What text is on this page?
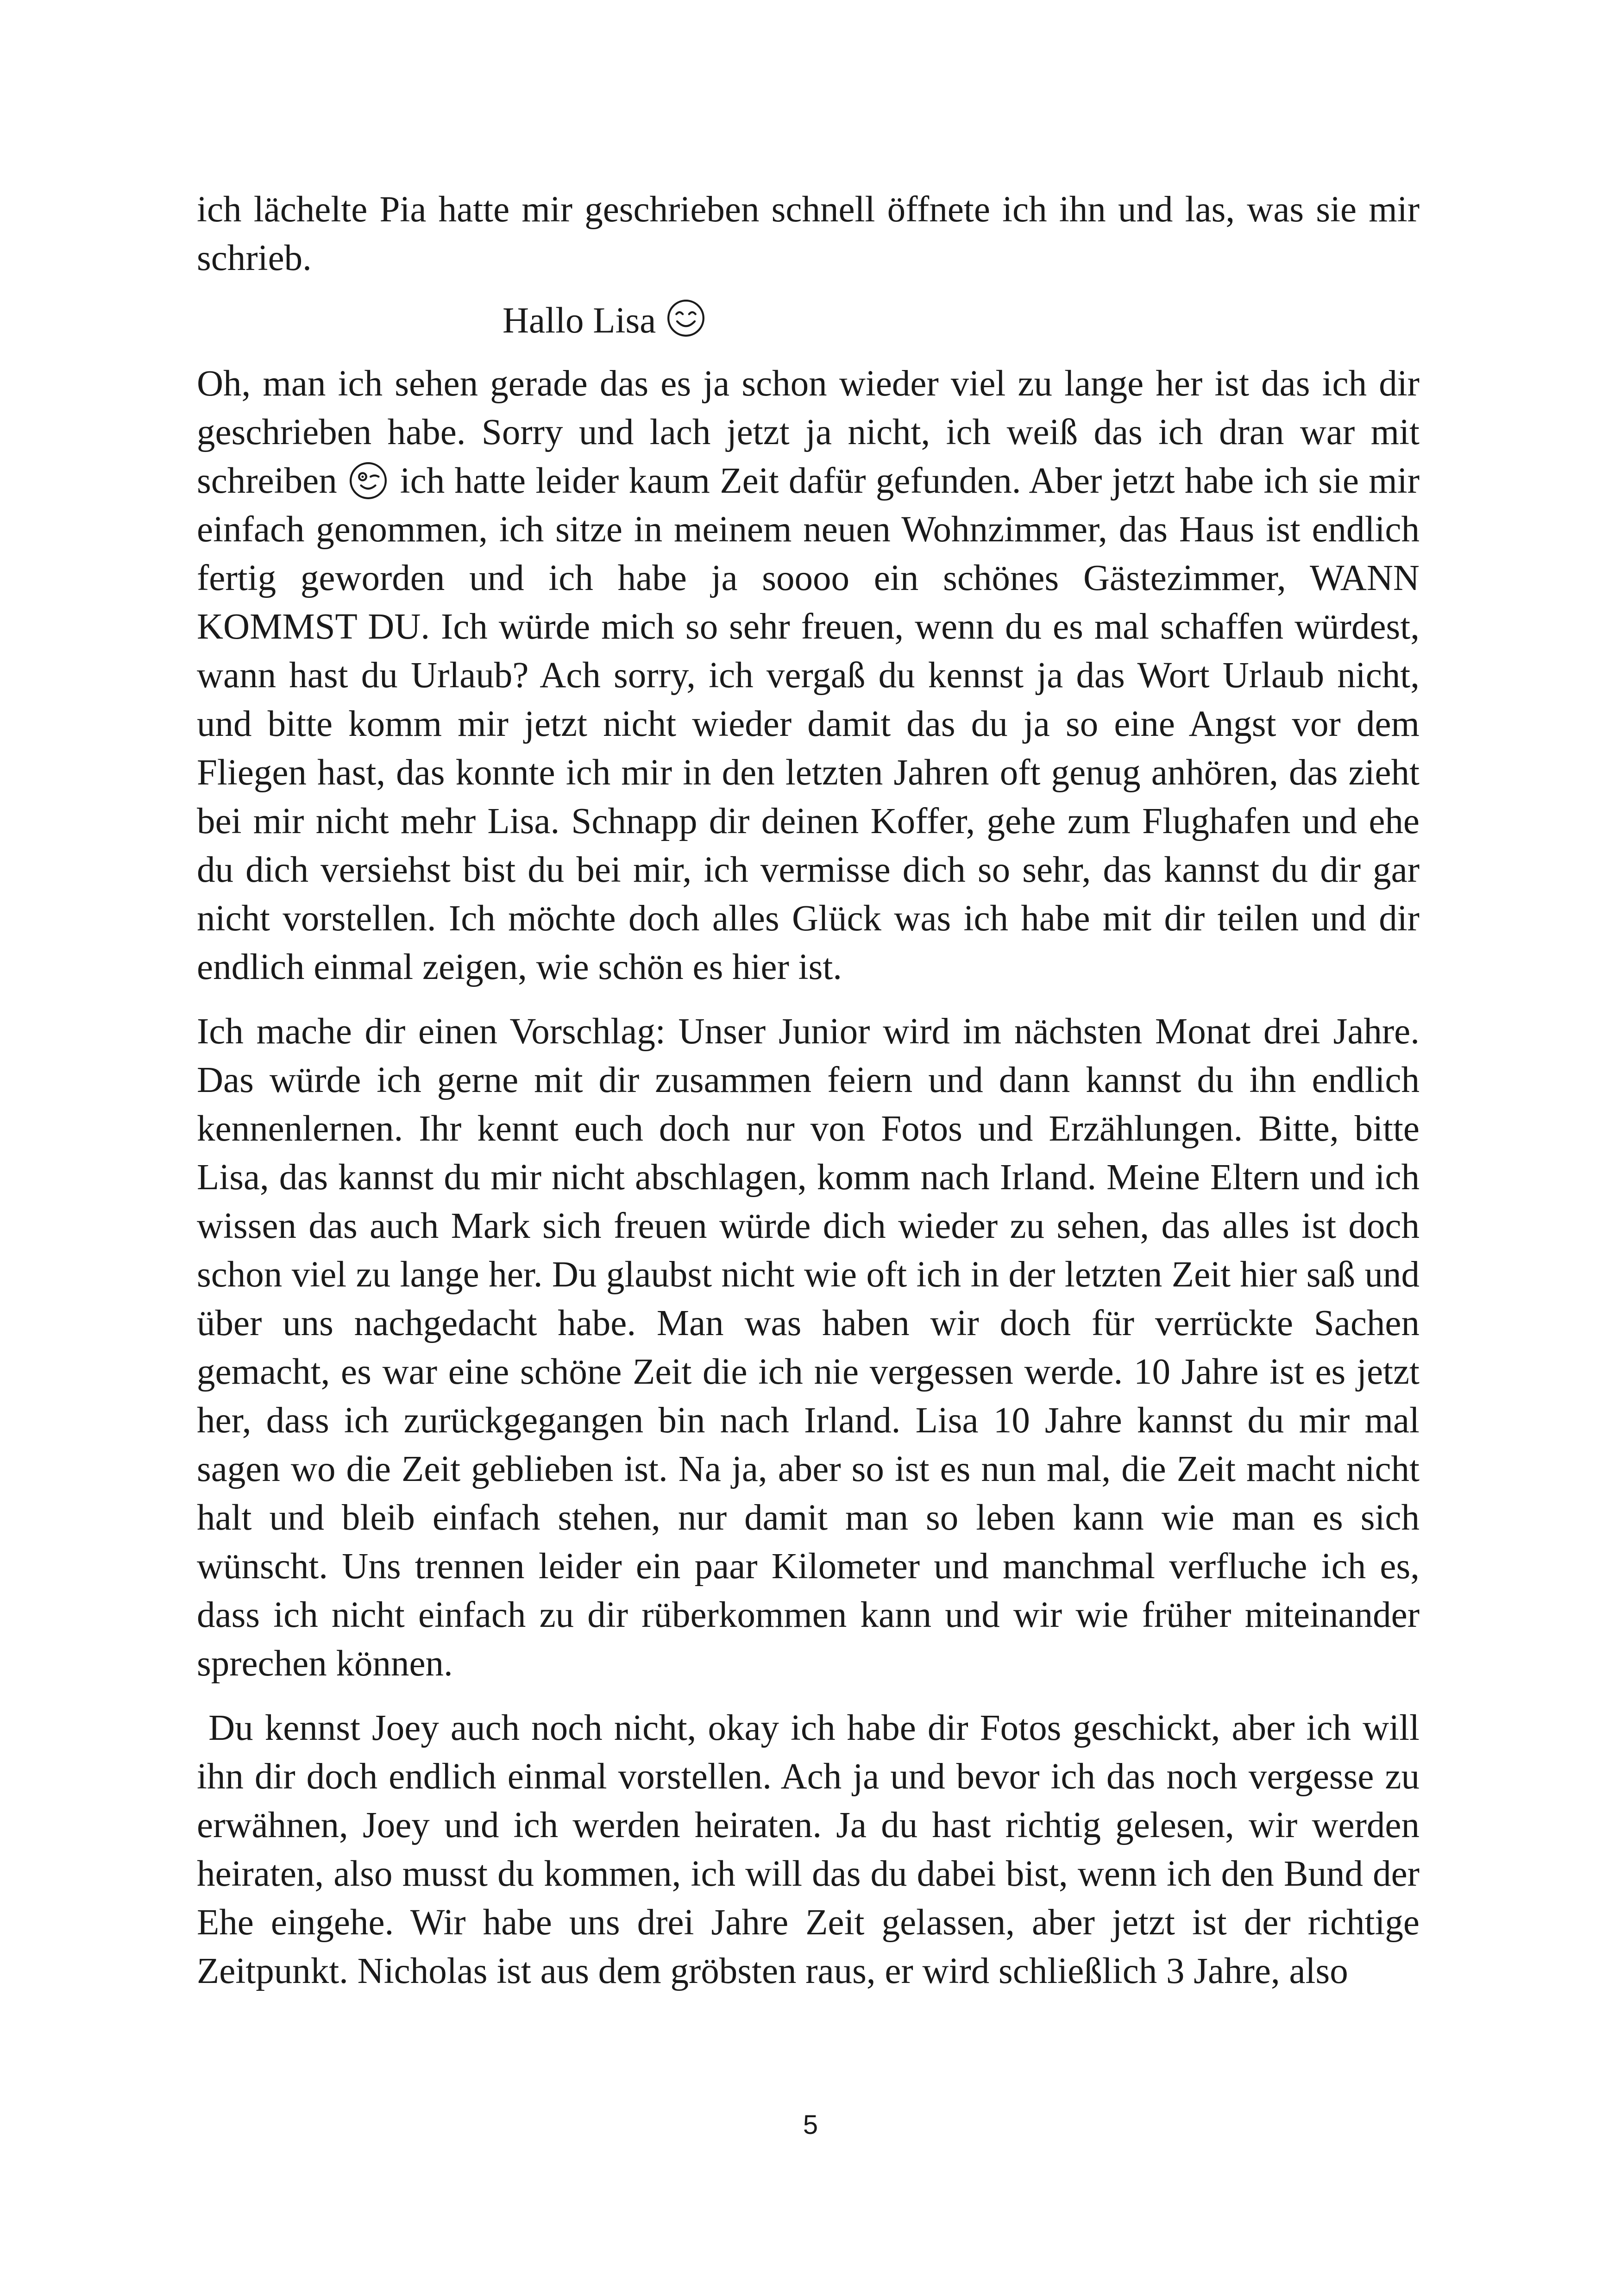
ich lächelte Pia hatte mir geschrieben schnell öffnete ich ihn und las, was sie mir schrieb.

Hallo Lisa

Oh, man ich sehen gerade das es ja schon wieder viel zu lange her ist das ich dir geschrieben habe. Sorry und lach jetzt ja nicht, ich weiß das ich dran war mit schreiben ich hatte leider kaum Zeit dafür gefunden. Aber jetzt habe ich sie mir einfach genommen, ich sitze in meinem neuen Wohnzimmer, das Haus ist endlich fertig geworden und ich habe ja soooo ein schönes Gästezimmer, WANN KOMMST DU. Ich würde mich so sehr freuen, wenn du es mal schaffen würdest, wann hast du Urlaub? Ach sorry, ich vergaß du kennst ja das Wort Urlaub nicht, und bitte komm mir jetzt nicht wieder damit das du ja so eine Angst vor dem Fliegen hast, das konnte ich mir in den letzten Jahren oft genug anhören, das zieht bei mir nicht mehr Lisa. Schnapp dir deinen Koffer, gehe zum Flughafen und ehe du dich versiehst bist du bei mir, ich vermisse dich so sehr, das kannst du dir gar nicht vorstellen. Ich möchte doch alles Glück was ich habe mit dir teilen und dir endlich einmal zeigen, wie schön es hier ist.

Ich mache dir einen Vorschlag: Unser Junior wird im nächsten Monat drei Jahre. Das würde ich gerne mit dir zusammen feiern und dann kannst du ihn endlich kennenlernen. Ihr kennt euch doch nur von Fotos und Erzählungen. Bitte, bitte Lisa, das kannst du mir nicht abschlagen, komm nach Irland. Meine Eltern und ich wissen das auch Mark sich freuen würde dich wieder zu sehen, das alles ist doch schon viel zu lange her. Du glaubst nicht wie oft ich in der letzten Zeit hier saß und über uns nachgedacht habe. Man was haben wir doch für verrückte Sachen gemacht, es war eine schöne Zeit die ich nie vergessen werde. 10 Jahre ist es jetzt her, dass ich zurückgegangen bin nach Irland. Lisa 10 Jahre kannst du mir mal sagen wo die Zeit geblieben ist. Na ja, aber so ist es nun mal, die Zeit macht nicht halt und bleib einfach stehen, nur damit man so leben kann wie man es sich wünscht. Uns trennen leider ein paar Kilometer und manchmal verfluche ich es, dass ich nicht einfach zu dir rüberkommen kann und wir wie früher miteinander sprechen können.

Du kennst Joey auch noch nicht, okay ich habe dir Fotos geschickt, aber ich will ihn dir doch endlich einmal vorstellen. Ach ja und bevor ich das noch vergesse zu erwähnen, Joey und ich werden heiraten. Ja du hast richtig gelesen, wir werden heiraten, also musst du kommen, ich will das du dabei bist, wenn ich den Bund der Ehe eingehe. Wir habe uns drei Jahre Zeit gelassen, aber jetzt ist der richtige Zeitpunkt. Nicholas ist aus dem gröbsten raus, er wird schließlich 3 Jahre, also

5
